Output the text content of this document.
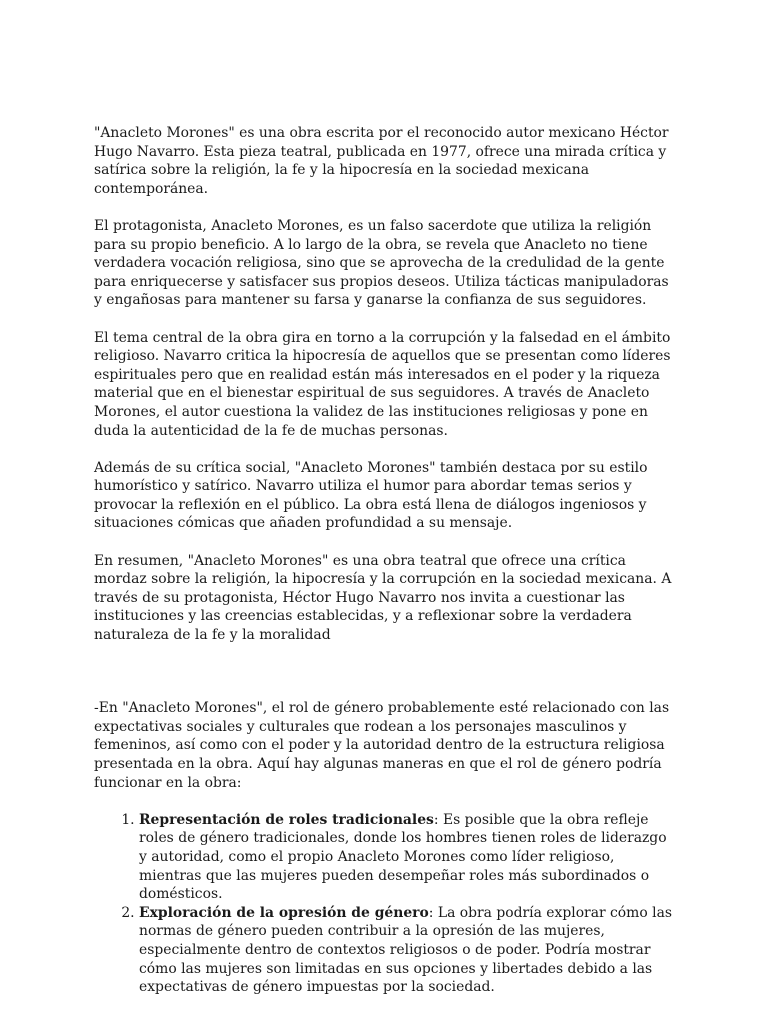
"Anacleto Morones" es una obra escrita por el reconocido autor mexicano Héctor Hugo Navarro. Esta pieza teatral, publicada en 1977, ofrece una mirada crítica y satírica sobre la religión, la fe y la hipocresía en la sociedad mexicana contemporánea.

El protagonista, Anacleto Morones, es un falso sacerdote que utiliza la religión para su propio beneficio. A lo largo de la obra, se revela que Anacleto no tiene verdadera vocación religiosa, sino que se aprovecha de la credulidad de la gente para enriquecerse y satisfacer sus propios deseos. Utiliza tácticas manipuladoras y engañosas para mantener su farsa y ganarse la confianza de sus seguidores.

El tema central de la obra gira en torno a la corrupción y la falsedad en el ámbito religioso. Navarro critica la hipocresía de aquellos que se presentan como líderes espirituales pero que en realidad están más interesados en el poder y la riqueza material que en el bienestar espiritual de sus seguidores. A través de Anacleto Morones, el autor cuestiona la validez de las instituciones religiosas y pone en duda la autenticidad de la fe de muchas personas.

Además de su crítica social, "Anacleto Morones" también destaca por su estilo humorístico y satírico. Navarro utiliza el humor para abordar temas serios y provocar la reflexión en el público. La obra está llena de diálogos ingeniosos y situaciones cómicas que añaden profundidad a su mensaje.

En resumen, "Anacleto Morones" es una obra teatral que ofrece una crítica mordaz sobre la religión, la hipocresía y la corrupción en la sociedad mexicana. A través de su protagonista, Héctor Hugo Navarro nos invita a cuestionar las instituciones y las creencias establecidas, y a reflexionar sobre la verdadera naturaleza de la fe y la moralidad

-En "Anacleto Morones", el rol de género probablemente esté relacionado con las expectativas sociales y culturales que rodean a los personajes masculinos y femeninos, así como con el poder y la autoridad dentro de la estructura religiosa presentada en la obra. Aquí hay algunas maneras en que el rol de género podría funcionar en la obra:

1. Representación de roles tradicionales: Es posible que la obra refleje roles de género tradicionales, donde los hombres tienen roles de liderazgo y autoridad, como el propio Anacleto Morones como líder religioso, mientras que las mujeres pueden desempeñar roles más subordinados o domésticos.
2. Exploración de la opresión de género: La obra podría explorar cómo las normas de género pueden contribuir a la opresión de las mujeres, especialmente dentro de contextos religiosos o de poder. Podría mostrar cómo las mujeres son limitadas en sus opciones y libertades debido a las expectativas de género impuestas por la sociedad.
